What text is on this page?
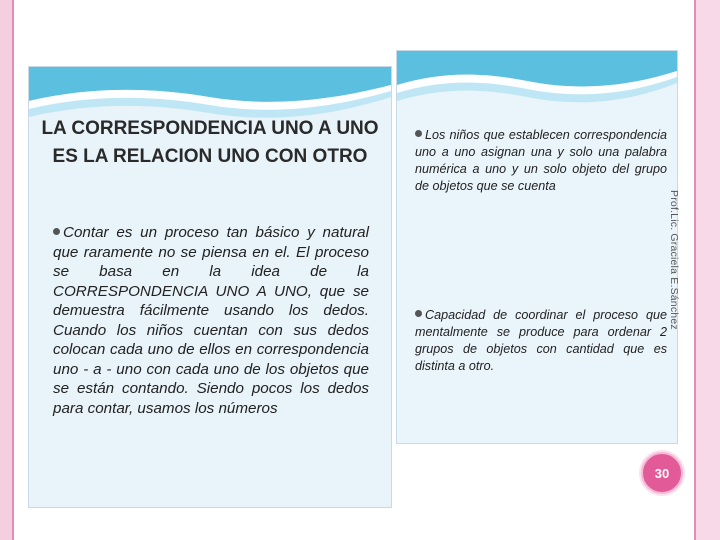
LA CORRESPONDENCIA UNO A UNO ES LA RELACION UNO CON OTRO
Contar es un proceso tan básico y natural que raramente no se piensa en el. El proceso se basa en la idea de la CORRESPONDENCIA UNO A UNO, que se demuestra fácilmente usando los dedos. Cuando los niños cuentan con sus dedos colocan cada uno de ellos en correspondencia uno - a - uno con cada uno de los objetos que se están contando. Siendo pocos los dedos para contar, usamos los números
Los niños que establecen correspondencia uno a uno asignan una y solo una palabra numérica a uno y un solo objeto del grupo de objetos que se cuenta
Capacidad de coordinar el proceso que mentalmente se produce para ordenar 2 grupos de objetos con cantidad que es distinta a otro.
Prof.Lic. Graciela E.Sánchez
30
